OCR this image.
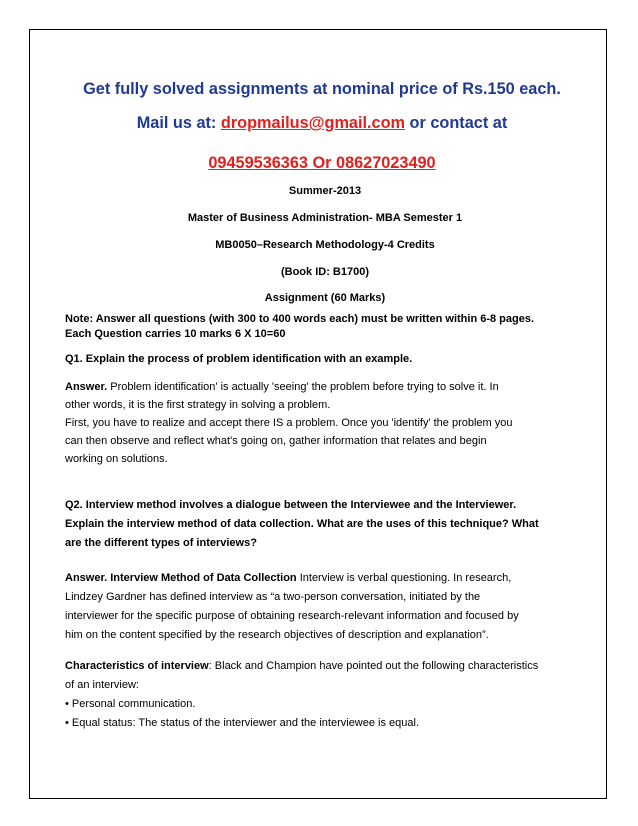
Get fully solved assignments at nominal price of Rs.150 each.

Mail us at: dropmailus@gmail.com or contact at

09459536363 Or 08627023490

Summer-2013
Master of Business Administration- MBA Semester 1
MB0050–Research Methodology-4 Credits
(Book ID: B1700)
Assignment (60 Marks)
Note: Answer all questions (with 300 to 400 words each) must be written within 6-8 pages.
Each Question carries 10 marks 6 X 10=60
Q1. Explain the process of problem identification with an example.
Answer. Problem identification' is actually 'seeing' the problem before trying to solve it. In
other words, it is the first strategy in solving a problem.
First, you have to realize and accept there IS a problem. Once you 'identify' the problem you
can then observe and reflect what's going on, gather information that relates and begin
working on solutions.
Q2. Interview method involves a dialogue between the Interviewee and the Interviewer.
Explain the interview method of data collection. What are the uses of this technique? What
are the different types of interviews?
Answer. Interview Method of Data Collection Interview is verbal questioning. In research,
Lindzey Gardner has defined interview as “a two-person conversation, initiated by the
interviewer for the specific purpose of obtaining research-relevant information and focused by
him on the content specified by the research objectives of description and explanation”.
Characteristics of interview: Black and Champion have pointed out the following characteristics
of an interview:
• Personal communication.
• Equal status: The status of the interviewer and the interviewee is equal.
